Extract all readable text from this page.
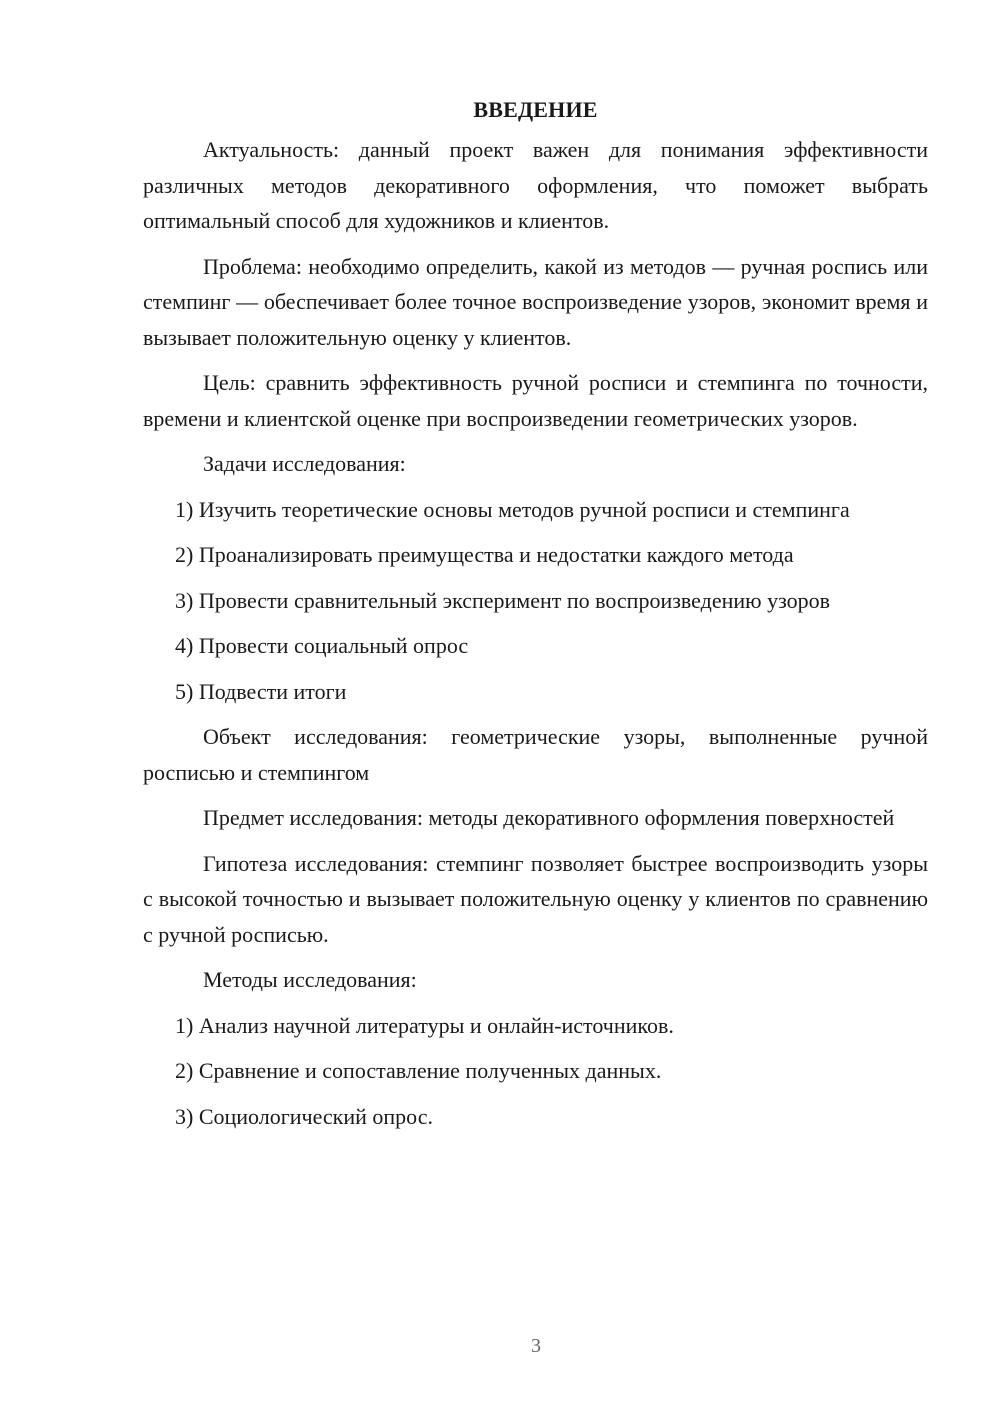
ВВЕДЕНИЕ

Актуальность: данный проект важен для понимания эффективности различных методов декоративного оформления, что поможет выбрать оптимальный способ для художников и клиентов.

Проблема: необходимо определить, какой из методов — ручная роспись или стемпинг — обеспечивает более точное воспроизведение узоров, экономит время и вызывает положительную оценку у клиентов.

Цель: сравнить эффективность ручной росписи и стемпинга по точности, времени и клиентской оценке при воспроизведении геометрических узоров.

Задачи исследования:

1) Изучить теоретические основы методов ручной росписи и стемпинга

2) Проанализировать преимущества и недостатки каждого метода

3) Провести сравнительный эксперимент по воспроизведению узоров

4) Провести социальный опрос

5) Подвести итоги

Объект исследования: геометрические узоры, выполненные ручной росписью и стемпингом

Предмет исследования: методы декоративного оформления поверхностей

Гипотеза исследования: стемпинг позволяет быстрее воспроизводить узоры с высокой точностью и вызывает положительную оценку у клиентов по сравнению с ручной росписью.

Методы исследования:

1) Анализ научной литературы и онлайн-источников.

2) Сравнение и сопоставление полученных данных.

3) Социологический опрос.

3
